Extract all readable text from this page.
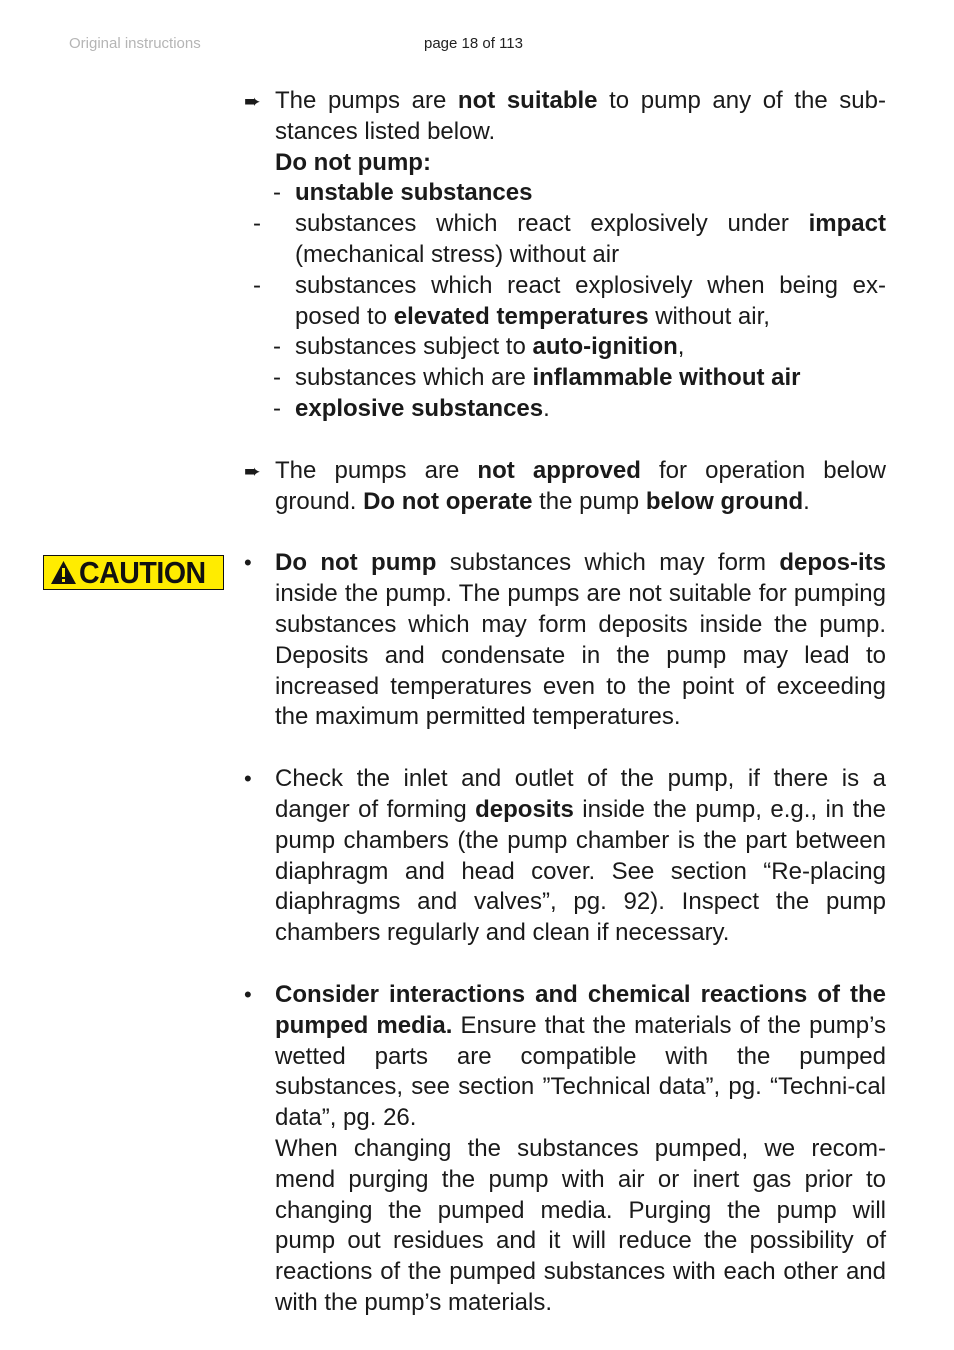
Original instructions	page 18 of 113
CAUTION
➨ The pumps are not suitable to pump any of the sub-stances listed below.

Do not pump:

- unstable substances

- substances which react explosively under impact (mechanical stress) without air

- substances which react explosively when being ex-posed to elevated temperatures without air,

- substances subject to auto-ignition,
- substances which are inflammable without air
- explosive substances.
➨ The pumps are not approved for operation below ground. Do not operate the pump below ground.

• Do not pump substances which may form depos-its inside the pump. The pumps are not suitable for pumping substances which may form deposits inside the pump. Deposits and condensate in the pump may lead to increased temperatures even to the point of exceeding the maximum permitted temperatures.

• Check the inlet and outlet of the pump, if there is a danger of forming deposits inside the pump, e.g., in the pump chambers (the pump chamber is the part between diaphragm and head cover. See section “Re-placing diaphragms and valves”, pg. 92). Inspect the pump chambers regularly and clean if necessary.

• Consider interactions and chemical reactions of the pumped media. Ensure that the materials of the pump’s wetted parts are compatible with the pumped substances, see section ”Technical data”, pg. “Techni-cal data”, pg. 26.

When changing the substances pumped, we recom-mend purging the pump with air or inert gas prior to changing the pumped media. Purging the pump will pump out residues and it will reduce the possibility of reactions of the pumped substances with each other and with the pump’s materials.
